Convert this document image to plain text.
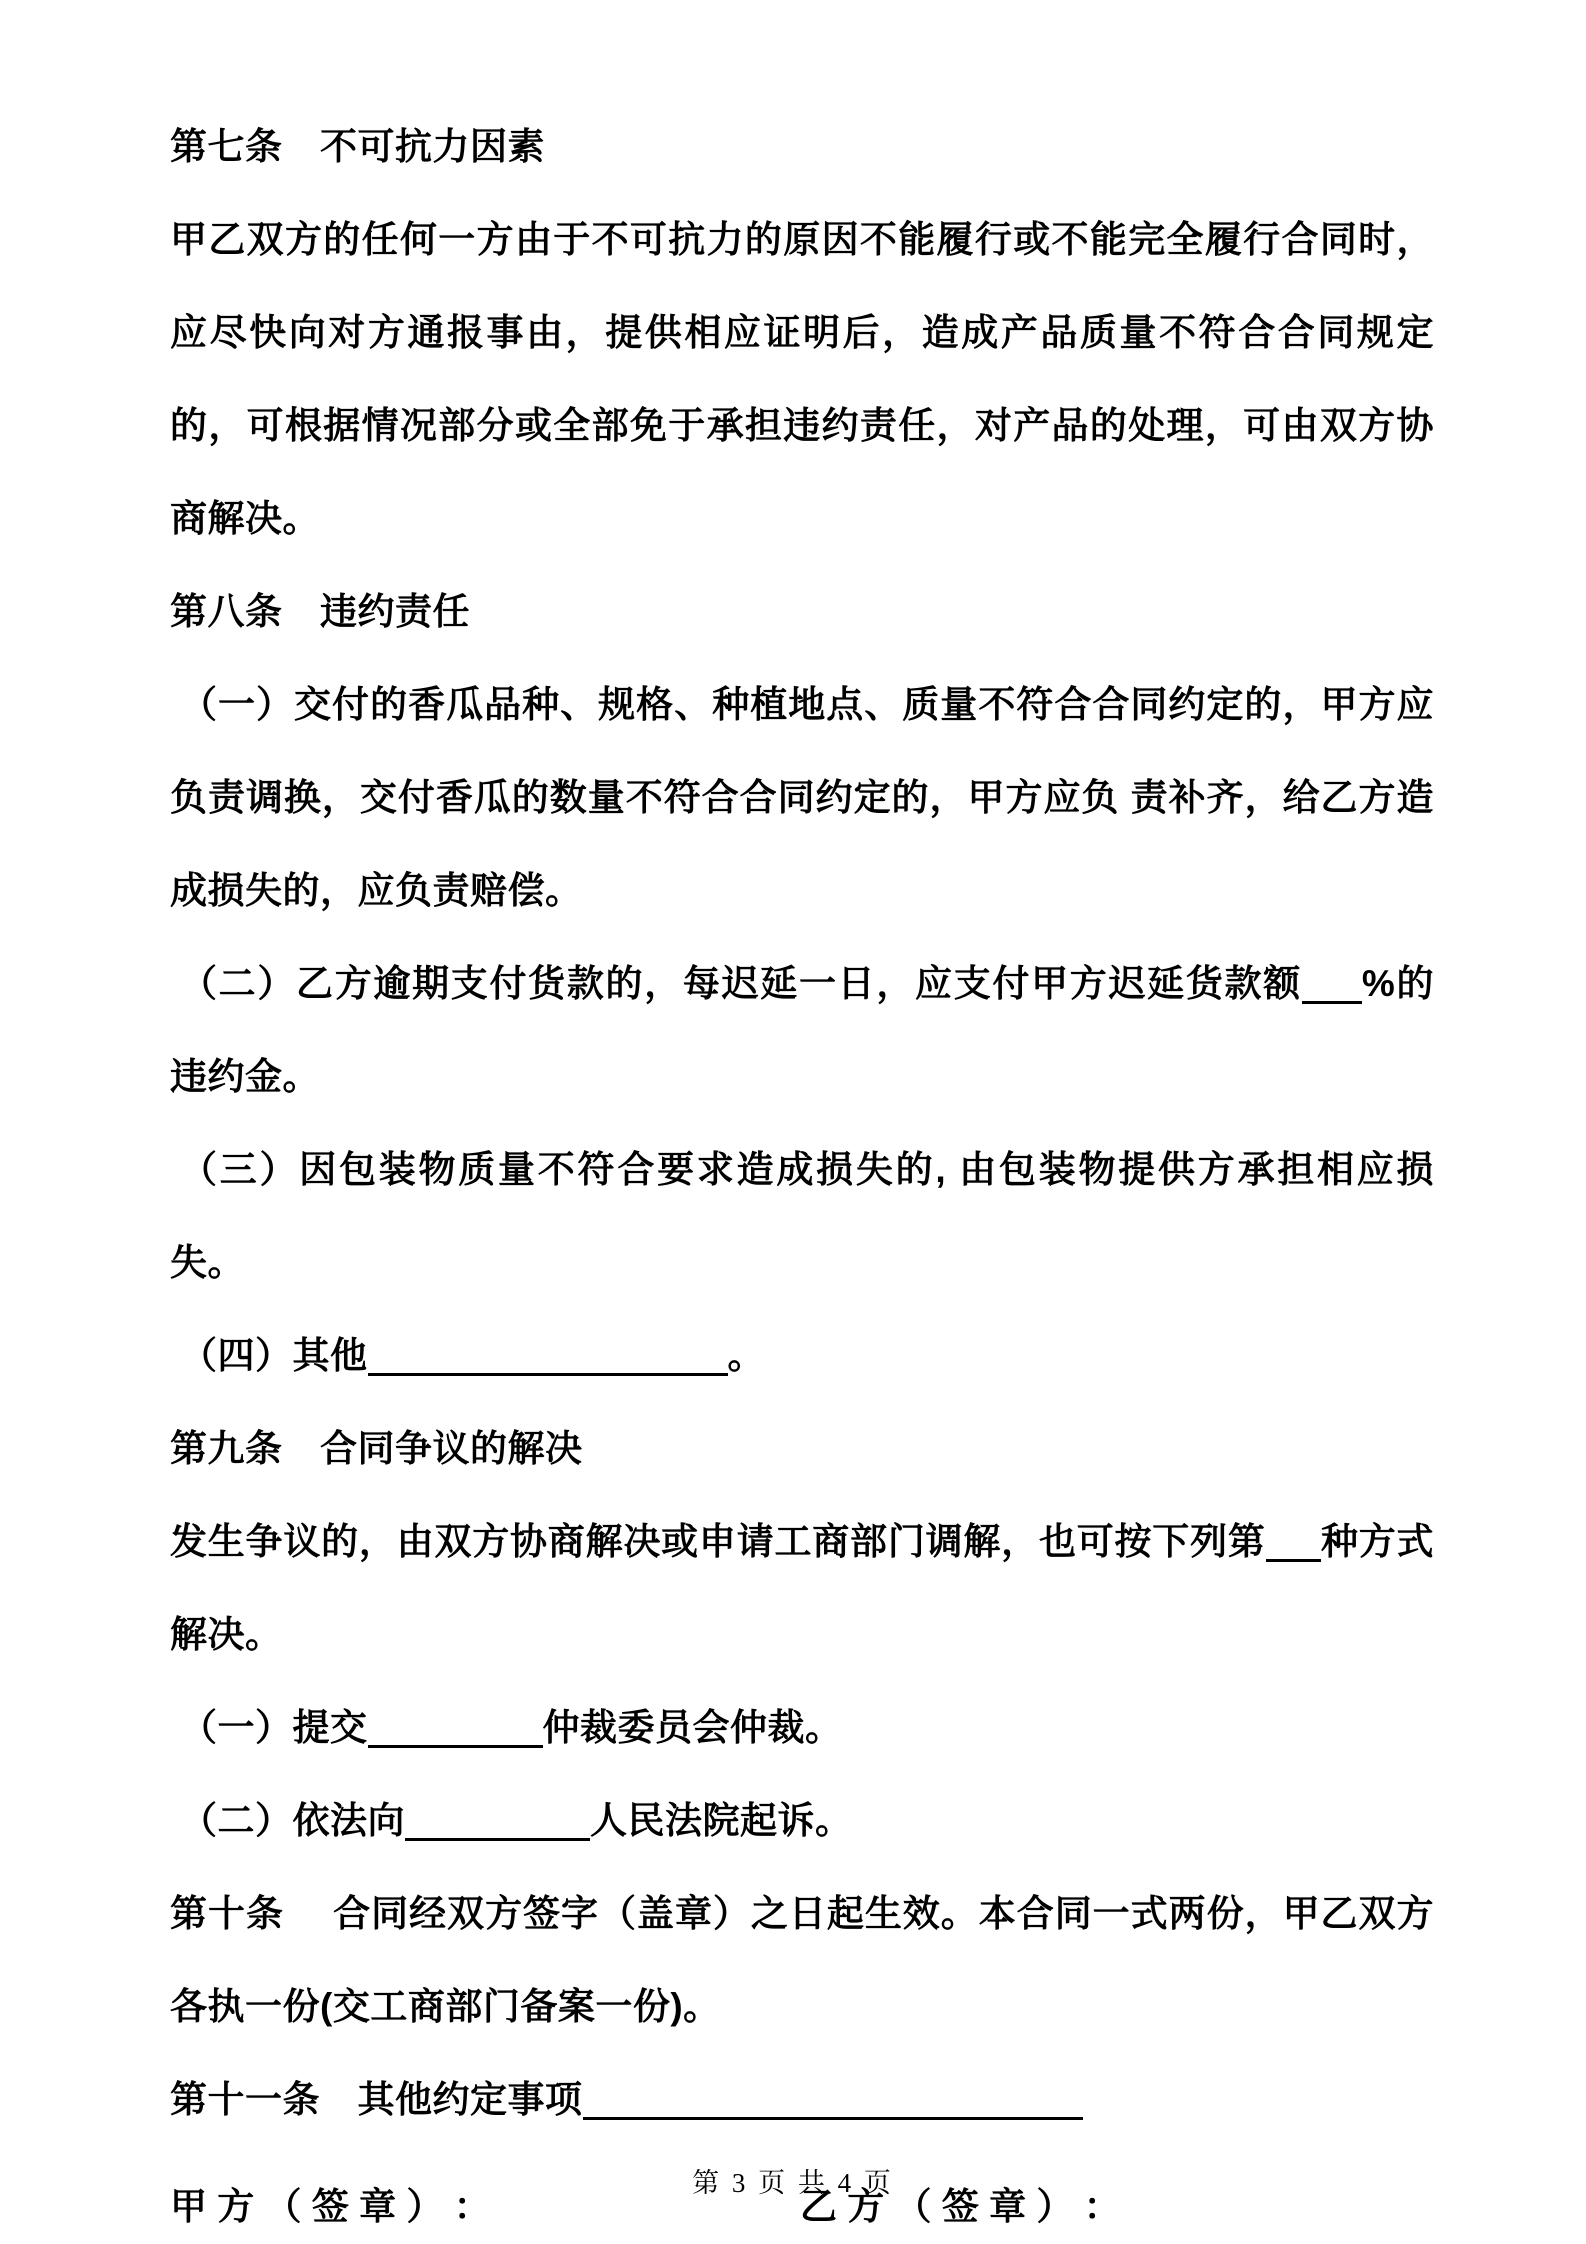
第七条　不可抗力因素

甲乙双方的任何一方由于不可抗力的原因不能履行或不能完全履行合同时，应尽快向对方通报事由，提供相应证明后，造成产品质量不符合合同规定的，可根据情况部分或全部免于承担违约责任，对产品的处理，可由双方协商解决。

第八条　违约责任

（一）交付的香瓜品种、规格、种植地点、质量不符合合同约定的，甲方应负责调换，交付香瓜的数量不符合合同约定的，甲方应负 责补齐，给乙方造成损失的，应负责赔偿。

（二）乙方逾期支付货款的，每迟延一日，应支付甲方迟延货款额 %的违约金。

（三）因包装物质量不符合要求造成损失的, 由包装物提供方承担相应损失。

（四）其他	。

第九条　合同争议的解决

发生争议的，由双方协商解决或申请工商部门调解，也可按下列第 种方式解决。

（一）提交	仲裁委员会仲裁。

（二）依法向	人民法院起诉。

第十条　 合同经双方签字（盖章）之日起生效。本合同一式两份，甲乙双方各执一份(交工商部门备案一份)。

第十一条　其他约定事项

甲 方 （ 签 章 ） ：	乙 方 （ 签 章 ） ：
第 3 页 共 4 页
